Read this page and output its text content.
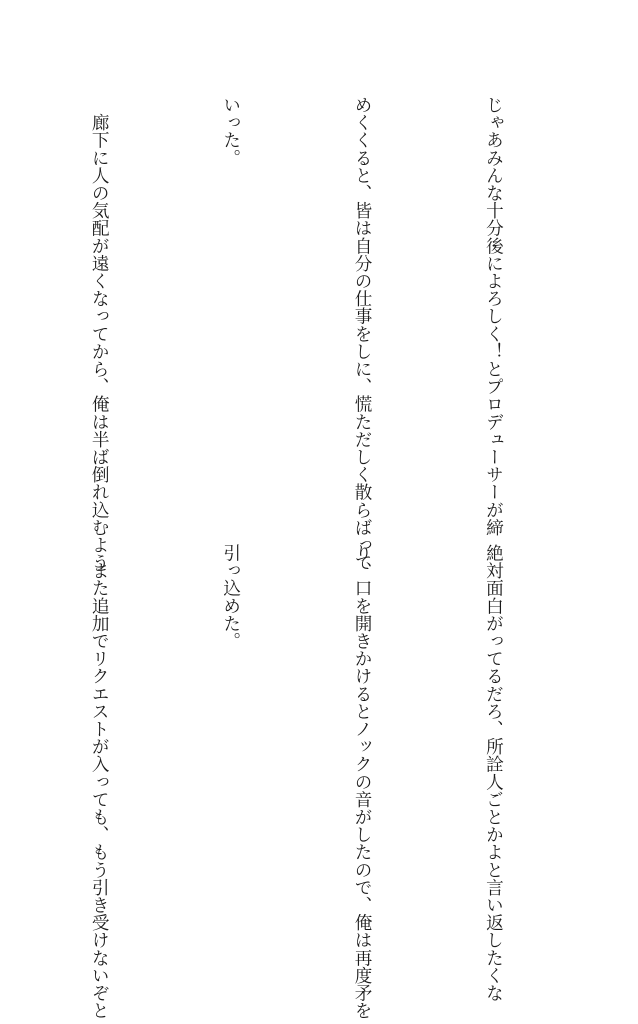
じゃあみんな十分後によろしく！とプロデューサーが締

めくくると、皆は自分の仕事をしに、慌ただしく散らばって

いった。

　廊下に人の気配が遠くなってから、俺は半ば倒れ込むよう

絶対面白がってるだろ、所詮人ごとかよと言い返したくな

り、口を開きかけるとノックの音がしたので、俺は再度矛を

引っ込めた。

　また追加でリクエストが入っても、もう引き受けないぞと
